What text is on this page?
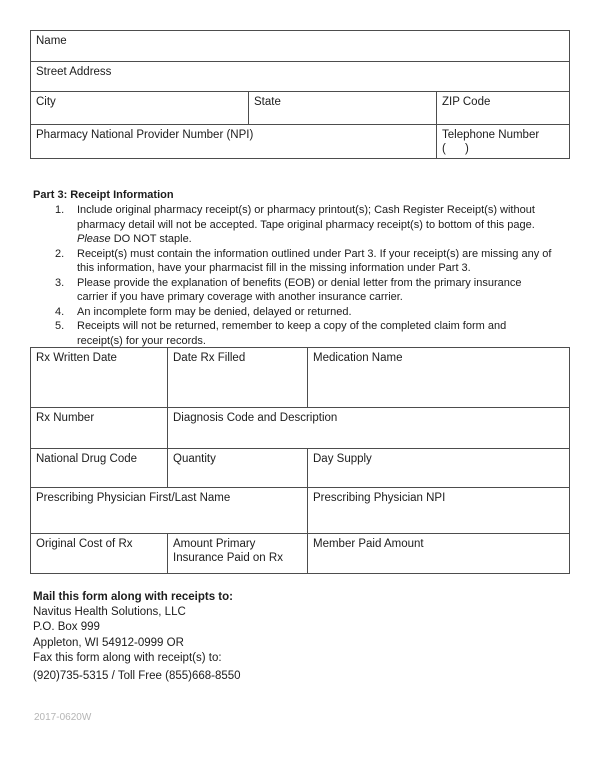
Name		
Street Address		
City	State	ZIP Code
Pharmacy National Provider Number (NPI)		Telephone Number
(      )
Part 3: Receipt Information
1.	Include original pharmacy receipt(s) or pharmacy printout(s); Cash Register Receipt(s) without pharmacy detail will not be accepted. Tape original pharmacy receipt(s) to bottom of this page. Please DO NOT staple.
2.	Receipt(s) must contain the information outlined under Part 3. If your receipt(s) are missing any of this information, have your pharmacist fill in the missing information under Part 3.
3.	Please provide the explanation of benefits (EOB) or denial letter from the primary insurance carrier if you have primary coverage with another insurance carrier.
4.	An incomplete form may be denied, delayed or returned.
5.	Receipts will not be returned, remember to keep a copy of the completed claim form and receipt(s) for your records.
Rx Written Date	Date Rx Filled	Medication Name
Rx Number	Diagnosis Code and Description	
National Drug Code	Quantity	Day Supply
Prescribing Physician First/Last Name		Prescribing Physician NPI
Original Cost of Rx	Amount Primary Insurance Paid on Rx	Member Paid Amount
Mail this form along with receipts to:
Navitus Health Solutions, LLC
P.O. Box 999
Appleton, WI 54912-0999 OR
Fax this form along with receipt(s) to:
(920)735-5315 / Toll Free (855)668-8550
2017-0620W
